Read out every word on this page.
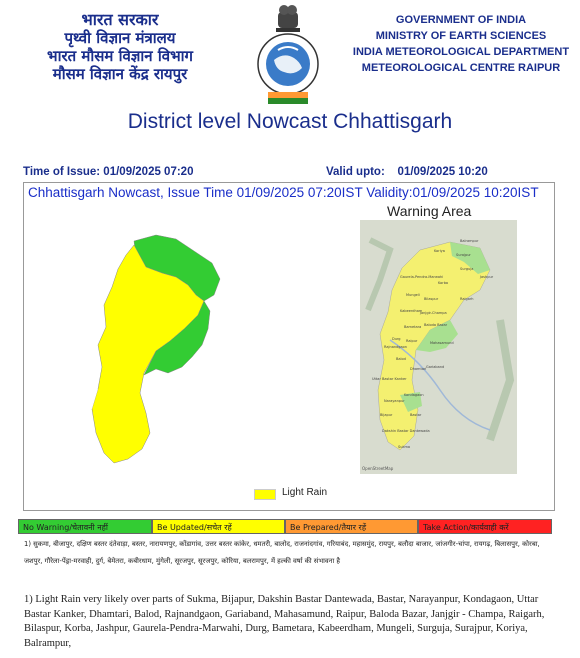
भारत सरकार
पृथ्वी विज्ञान मंत्रालय
भारत मौसम विज्ञान विभाग
मौसम विज्ञान केंद्र रायपुर
GOVERNMENT OF INDIA
MINISTRY OF EARTH SCIENCES
INDIA METEOROLOGICAL DEPARTMENT
METEOROLOGICAL CENTRE RAIPUR
District level Nowcast Chhattisgarh
Time of Issue: 01/09/2025 07:20	Valid upto:    01/09/2025 10:20
Chhattisgarh Nowcast, Issue Time 01/09/2025 07:20IST Validity:01/09/2025 10:20IST
Warning Area
Balrampur
Koriya
Surajpur
Surguja
Gaurela-Pendra-Marwahi	Jashpur
Korba
Mungeli
Bilaspur	Raigarh
Kabeerdham
Janjgir-Champa
Bametara Baloda Bazar
Durg Raipur	Mahasamund
Rajnandgaon
Balod
Dhamtari Gariaband
Uttar Bastar Kanker
Kondagaon
Narayanpur
Bastar
Dakshin Bastar Dantewada
Bijapur
Sukma
OpenStreetMap
Light Rain
No Warning/चेतावनी नहीं	Be Updated/सचेत रहें	Be Prepared/तैयार रहें	Take Action/कार्यवाही करें
1) सुकमा, बीजापुर, दक्षिण बस्तर दंतेवाड़ा, बस्तर, नारायणपुर, कोंडागांव, उत्तर बस्तर कांकेर, धमतरी, बालोद, राजनांदगांव, गरियाबंद, महासमुंद, रायपुर, बलौदा बाजार, जांजगीर-चांपा, रायगढ़, बिलासपुर, कोरबा, जशपुर, गौरेला-पेंड्रा-मरवाही, दुर्ग, बेमेतरा, कबीरधाम, मुंगेली, सूरजपुर, सूरजपुर, कोरिया, बलरामपुर, में हल्की वर्षा की संभावना है
1) Light Rain very likely over parts of Sukma, Bijapur, Dakshin Bastar Dantewada, Bastar, Narayanpur, Kondagaon, Uttar Bastar Kanker, Dhamtari, Balod, Rajnandgaon, Gariaband, Mahasamund, Raipur, Baloda Bazar, Janjgir - Champa, Raigarh, Bilaspur, Korba, Jashpur, Gaurela-Pendra-Marwahi, Durg, Bametara, Kabeerdham, Mungeli, Surguja, Surajpur, Koriya, Balrampur,
